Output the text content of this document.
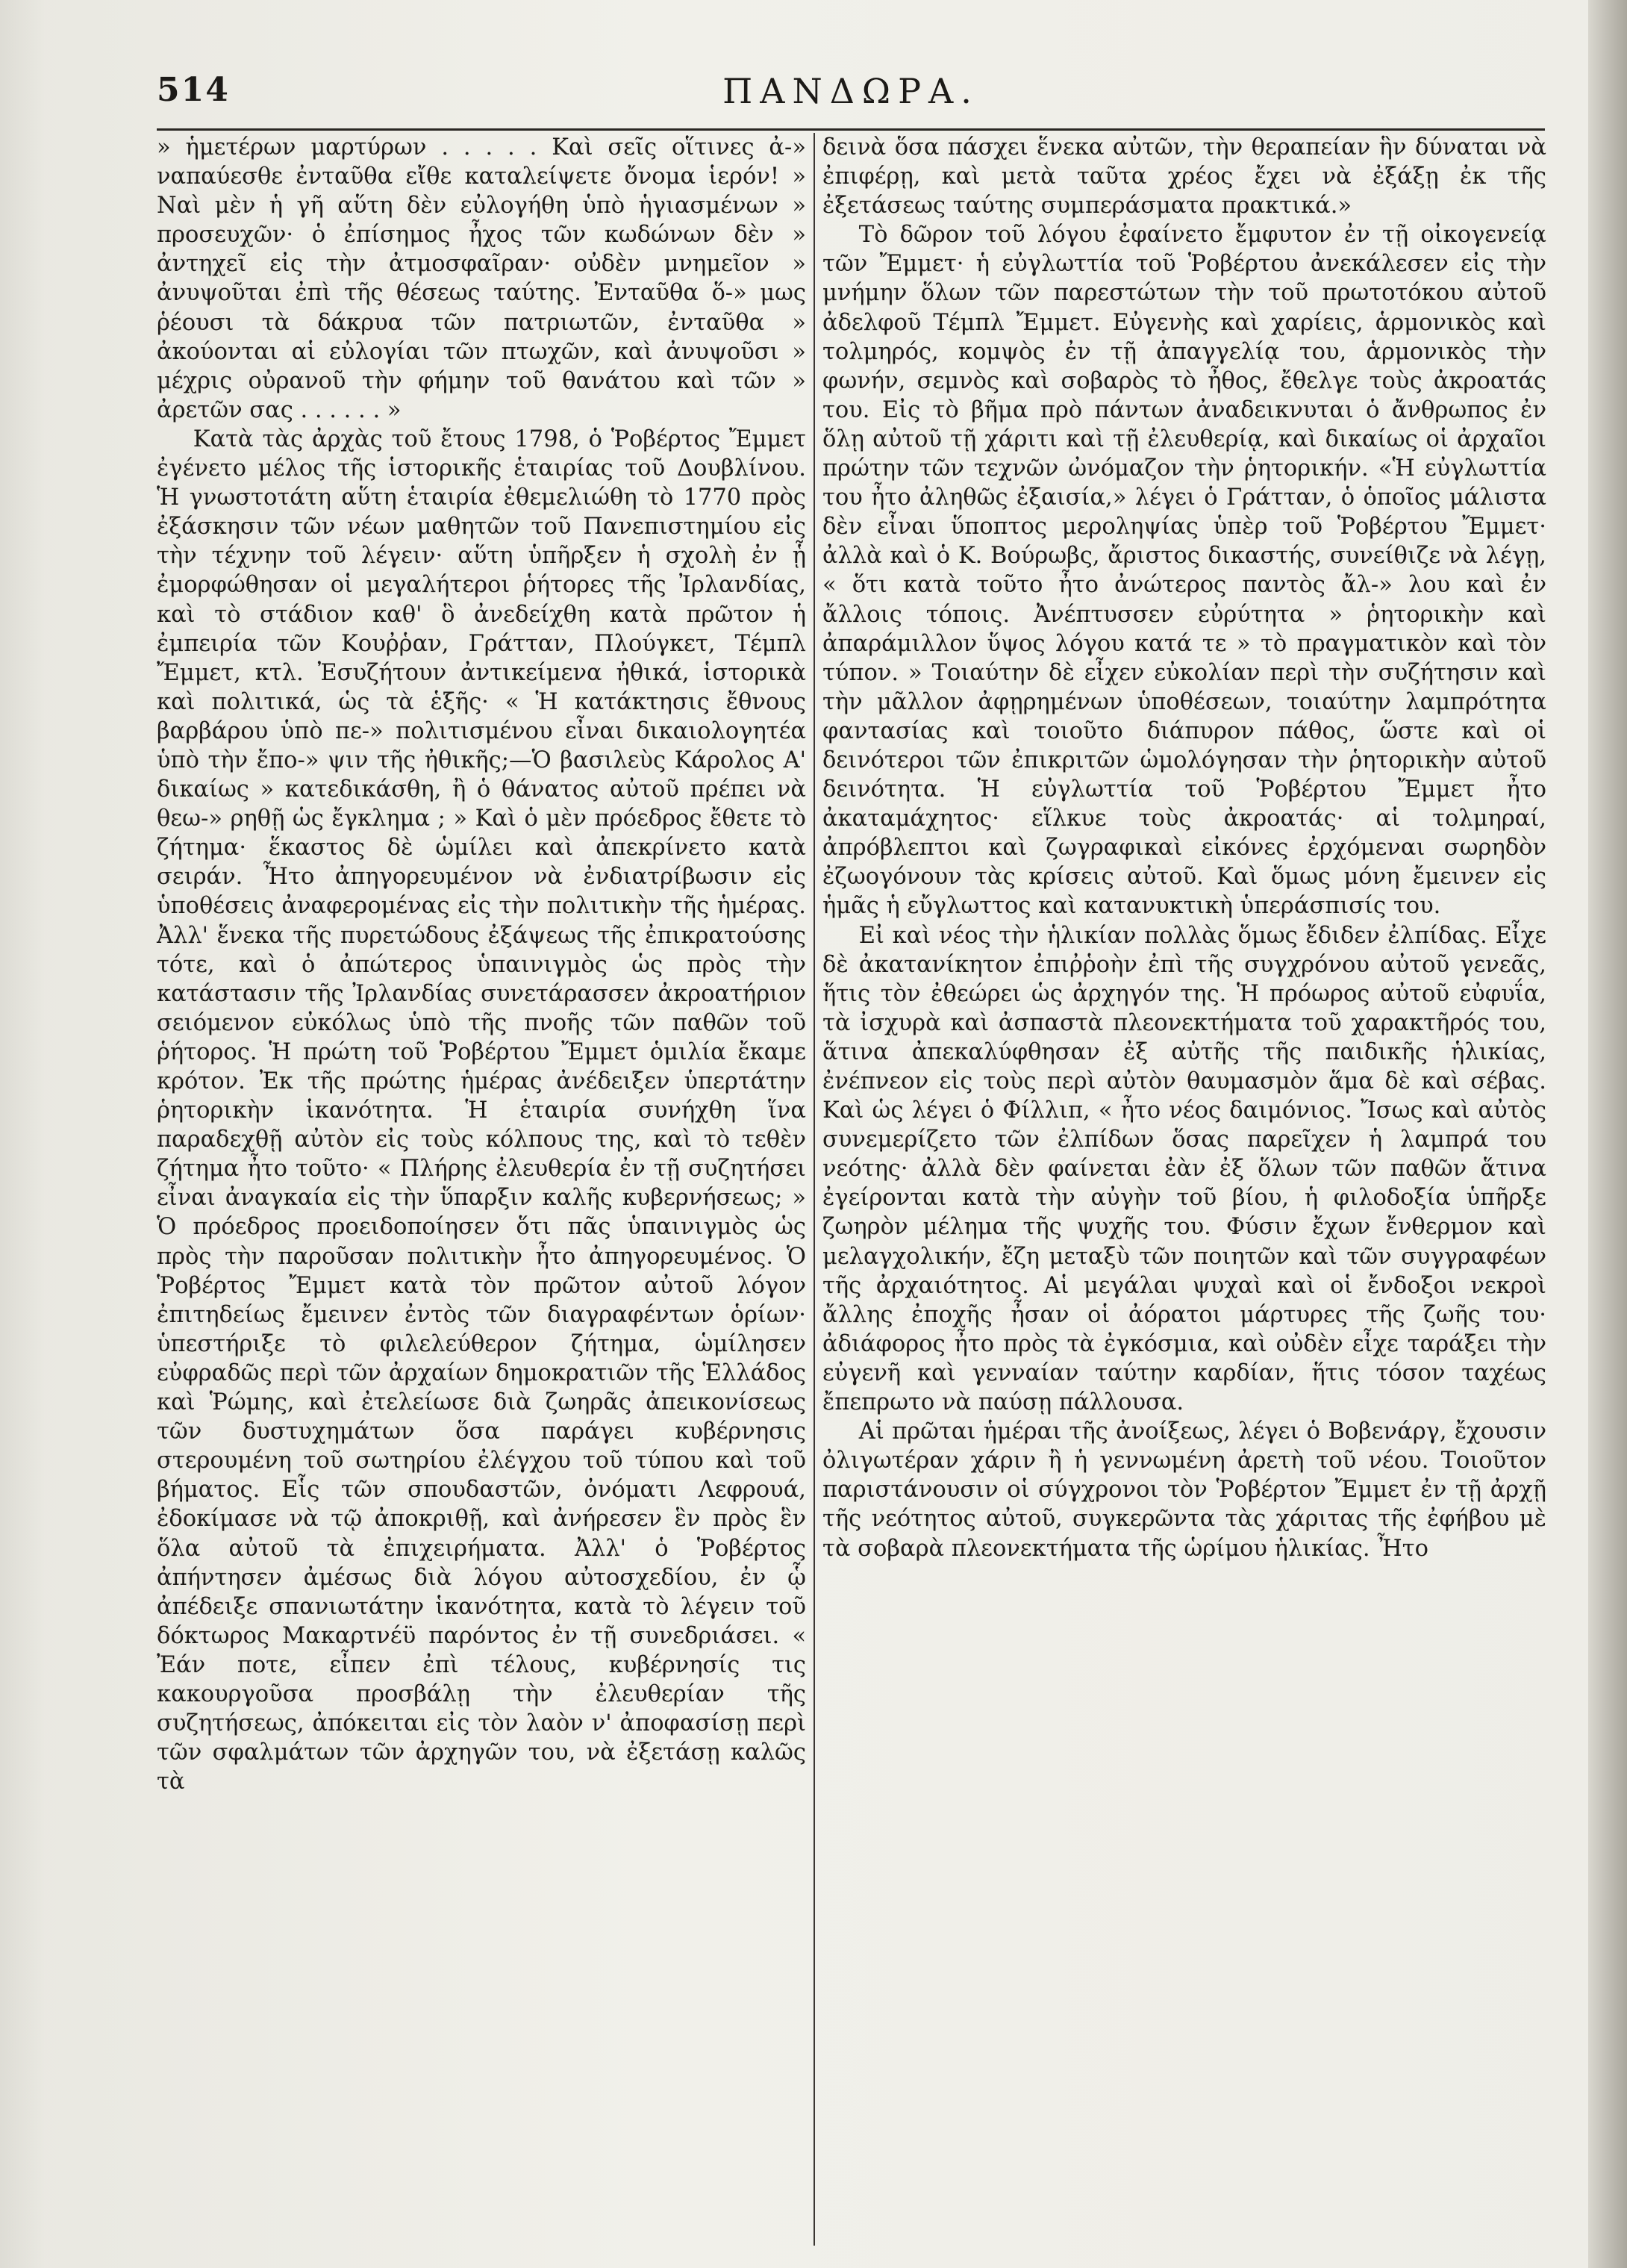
514	ΠΑΝΔΩΡΑ.

» ἡμετέρων μαρτύρων . . . . . Καὶ σεῖς οἵτινες ἀ-» ναπαύεσθε ἐνταῦθα εἴθε καταλείψετε ὄνομα ἱερόν! » Ναὶ μὲν ἡ γῆ αὕτη δὲν εὐλογήθη ὑπὸ ἡγιασμένων » προσευχῶν· ὁ ἐπίσημος ἦχος τῶν κωδώνων δὲν » ἀντηχεῖ εἰς τὴν ἀτμοσφαῖραν· οὐδὲν μνημεῖον » ἀνυψοῦται ἐπὶ τῆς θέσεως ταύτης. Ἐνταῦθα ὅ-» μως ῥέουσι τὰ δάκρυα τῶν πατριωτῶν, ἐνταῦθα » ἀκούονται αἱ εὐλογίαι τῶν πτωχῶν, καὶ ἀνυψοῦσι » μέχρις οὐρανοῦ τὴν φήμην τοῦ θανάτου καὶ τῶν » ἀρετῶν σας . . . . . . »

Κατὰ τὰς ἀρχὰς τοῦ ἔτους 1798, ὁ Ῥοβέρτος Ἔμμετ ἐγένετο μέλος τῆς ἱστορικῆς ἑταιρίας τοῦ Δουβλίνου. Ἡ γνωστοτάτη αὕτη ἑταιρία ἐθεμελιώθη τὸ 1770 πρὸς ἐξάσκησιν τῶν νέων μαθητῶν τοῦ Πανεπιστημίου εἰς τὴν τέχνην τοῦ λέγειν· αὕτη ὑπῆρξεν ἡ σχολὴ ἐν ᾗ ἐμορφώθησαν οἱ μεγαλήτεροι ῥήτορες τῆς Ἰρλανδίας, καὶ τὸ στάδιον καθ' ὃ ἀνεδείχθη κατὰ πρῶτον ἡ ἐμπειρία τῶν Κουῤῥαν, Γράτταν, Πλούγκετ, Τέμπλ Ἔμμετ, κτλ. Ἐσυζήτουν ἀντικείμενα ἠθικά, ἱστορικὰ καὶ πολιτικά, ὡς τὰ ἑξῆς· « Ἡ κατάκτησις ἔθνους βαρβάρου ὑπὸ πε-» πολιτισμένου εἶναι δικαιολογητέα ὑπὸ τὴν ἔπο-» ψιν τῆς ἠθικῆς;—Ὁ βασιλεὺς Κάρολος Α' δικαίως » κατεδικάσθη, ἢ ὁ θάνατος αὐτοῦ πρέπει νὰ θεω-» ρηθῇ ὡς ἔγκλημα ; » Καὶ ὁ μὲν πρόεδρος ἔθετε τὸ ζήτημα· ἕκαστος δὲ ὡμίλει καὶ ἀπεκρίνετο κατὰ σειράν. Ἦτο ἀπηγορευμένον νὰ ἐνδιατρίβωσιν εἰς ὑποθέσεις ἀναφερομένας εἰς τὴν πολιτικὴν τῆς ἡμέρας. Ἀλλ' ἕνεκα τῆς πυρετώδους ἐξάψεως τῆς ἐπικρατούσης τότε, καὶ ὁ ἀπώτερος ὑπαινιγμὸς ὡς πρὸς τὴν κατάστασιν τῆς Ἰρλανδίας συνετάρασσεν ἀκροατήριον σειόμενον εὐκόλως ὑπὸ τῆς πνοῆς τῶν παθῶν τοῦ ῥήτορος. Ἡ πρώτη τοῦ Ῥοβέρτου Ἔμμετ ὁμιλία ἔκαμε κρότον. Ἐκ τῆς πρώτης ἡμέρας ἀνέδειξεν ὑπερτάτην ῥητορικὴν ἱκανότητα. Ἡ ἑταιρία συνήχθη ἵνα παραδεχθῇ αὐτὸν εἰς τοὺς κόλπους της, καὶ τὸ τεθὲν ζήτημα ἦτο τοῦτο· « Πλήρης ἐλευθερία ἐν τῇ συζητήσει εἶναι ἀναγκαία εἰς τὴν ὕπαρξιν καλῆς κυβερνήσεως; » Ὁ πρόεδρος προειδοποίησεν ὅτι πᾶς ὑπαινιγμὸς ὡς πρὸς τὴν παροῦσαν πολιτικὴν ἦτο ἀπηγορευμένος. Ὁ Ῥοβέρτος Ἔμμετ κατὰ τὸν πρῶτον αὐτοῦ λόγον ἐπιτηδείως ἔμεινεν ἐντὸς τῶν διαγραφέντων ὁρίων· ὑπεστήριξε τὸ φιλελεύθερον ζήτημα, ὡμίλησεν εὐφραδῶς περὶ τῶν ἀρχαίων δημοκρατιῶν τῆς Ἑλλάδος καὶ Ῥώμης, καὶ ἐτελείωσε διὰ ζωηρᾶς ἀπεικονίσεως τῶν δυστυχημάτων ὅσα παράγει κυβέρνησις στερουμένη τοῦ σωτηρίου ἐλέγχου τοῦ τύπου καὶ τοῦ βήματος. Εἷς τῶν σπουδαστῶν, ὀνόματι Λεφρουά, ἐδοκίμασε νὰ τῷ ἀποκριθῇ, καὶ ἀνήρεσεν ἓν πρὸς ἓν ὅλα αὐτοῦ τὰ ἐπιχειρήματα. Ἀλλ' ὁ Ῥοβέρτος ἀπήντησεν ἀμέσως διὰ λόγου αὐτοσχεδίου, ἐν ᾧ ἀπέδειξε σπανιωτάτην ἱκανότητα, κατὰ τὸ λέγειν τοῦ δόκτωρος Μακαρτνέϋ παρόντος ἐν τῇ συνεδριάσει. « Ἐάν ποτε, εἶπεν ἐπὶ τέλους, κυβέρνησίς τις κακουργοῦσα προσβάλῃ τὴν ἐλευθερίαν τῆς συζητήσεως, ἀπόκειται εἰς τὸν λαὸν ν' ἀποφασίσῃ περὶ τῶν σφαλμάτων τῶν ἀρχηγῶν του, νὰ ἐξετάσῃ καλῶς τὰ

δεινὰ ὅσα πάσχει ἕνεκα αὐτῶν, τὴν θεραπείαν ἣν δύναται νὰ ἐπιφέρῃ, καὶ μετὰ ταῦτα χρέος ἔχει νὰ ἐξάξῃ ἐκ τῆς ἐξετάσεως ταύτης συμπεράσματα πρακτικά.»

Τὸ δῶρον τοῦ λόγου ἐφαίνετο ἔμφυτον ἐν τῇ οἰκογενείᾳ τῶν Ἔμμετ· ἡ εὐγλωττία τοῦ Ῥοβέρτου ἀνεκάλεσεν εἰς τὴν μνήμην ὅλων τῶν παρεστώτων τὴν τοῦ πρωτοτόκου αὐτοῦ ἀδελφοῦ Τέμπλ Ἔμμετ. Εὐγενὴς καὶ χαρίεις, ἁρμονικὸς καὶ τολμηρός, κομψὸς ἐν τῇ ἀπαγγελίᾳ του, ἁρμονικὸς τὴν φωνήν, σεμνὸς καὶ σοβαρὸς τὸ ἦθος, ἔθελγε τοὺς ἀκροατάς του. Εἰς τὸ βῆμα πρὸ πάντων ἀναδεικνυται ὁ ἄνθρωπος ἐν ὅλῃ αὐτοῦ τῇ χάριτι καὶ τῇ ἐλευθερίᾳ, καὶ δικαίως οἱ ἀρχαῖοι πρώτην τῶν τεχνῶν ὠνόμαζον τὴν ῥητορικήν. «Ἡ εὐγλωττία του ἦτο ἀληθῶς ἐξαισία,» λέγει ὁ Γράτταν, ὁ ὁποῖος μάλιστα δὲν εἶναι ὕποπτος μεροληψίας ὑπὲρ τοῦ Ῥοβέρτου Ἔμμετ· ἀλλὰ καὶ ὁ Κ. Βούρωβς, ἄριστος δικαστής, συνείθιζε νὰ λέγῃ, « ὅτι κατὰ τοῦτο ἦτο ἀνώτερος παντὸς ἄλ-» λου καὶ ἐν ἄλλοις τόποις. Ἀνέπτυσσεν εὐρύτητα » ῥητορικὴν καὶ ἀπαράμιλλον ὕψος λόγου κατά τε » τὸ πραγματικὸν καὶ τὸν τύπον. » Τοιαύτην δὲ εἶχεν εὐκολίαν περὶ τὴν συζήτησιν καὶ τὴν μᾶλλον ἀφῃρημένων ὑποθέσεων, τοιαύτην λαμπρότητα φαντασίας καὶ τοιοῦτο διάπυρον πάθος, ὥστε καὶ οἱ δεινότεροι τῶν ἐπικριτῶν ὡμολόγησαν τὴν ῥητορικὴν αὐτοῦ δεινότητα. Ἡ εὐγλωττία τοῦ Ῥοβέρτου Ἔμμετ ἦτο ἀκαταμάχητος· εἵλκυε τοὺς ἀκροατάς· αἱ τολμηραί, ἀπρόβλεπτοι καὶ ζωγραφικαὶ εἰκόνες ἐρχόμεναι σωρηδὸν ἐζωογόνουν τὰς κρίσεις αὐτοῦ. Καὶ ὅμως μόνη ἔμεινεν εἰς ἡμᾶς ἡ εὔγλωττος καὶ κατανυκτικὴ ὑπεράσπισίς του.

Εἰ καὶ νέος τὴν ἡλικίαν πολλὰς ὅμως ἔδιδεν ἐλπίδας. Εἶχε δὲ ἀκατανίκητον ἐπιῤῥοὴν ἐπὶ τῆς συγχρόνου αὐτοῦ γενεᾶς, ἥτις τὸν ἐθεώρει ὡς ἀρχηγόν της. Ἡ πρόωρος αὐτοῦ εὐφυΐα, τὰ ἰσχυρὰ καὶ ἀσπαστὰ πλεονεκτήματα τοῦ χαρακτῆρός του, ἅτινα ἀπεκαλύφθησαν ἐξ αὐτῆς τῆς παιδικῆς ἡλικίας, ἐνέπνεον εἰς τοὺς περὶ αὐτὸν θαυμασμὸν ἅμα δὲ καὶ σέβας. Καὶ ὡς λέγει ὁ Φίλλιπ, « ἦτο νέος δαιμόνιος. Ἴσως καὶ αὐτὸς συνεμερίζετο τῶν ἐλπίδων ὅσας παρεῖχεν ἡ λαμπρά του νεότης· ἀλλὰ δὲν φαίνεται ἐὰν ἐξ ὅλων τῶν παθῶν ἅτινα ἐγείρονται κατὰ τὴν αὐγὴν τοῦ βίου, ἡ φιλοδοξία ὑπῆρξε ζωηρὸν μέλημα τῆς ψυχῆς του. Φύσιν ἔχων ἔνθερμον καὶ μελαγχολικήν, ἔζη μεταξὺ τῶν ποιητῶν καὶ τῶν συγγραφέων τῆς ἀρχαιότητος. Αἱ μεγάλαι ψυχαὶ καὶ οἱ ἔνδοξοι νεκροὶ ἄλλης ἐποχῆς ἦσαν οἱ ἀόρατοι μάρτυρες τῆς ζωῆς του· ἀδιάφορος ἦτο πρὸς τὰ ἐγκόσμια, καὶ οὐδὲν εἶχε ταράξει τὴν εὐγενῆ καὶ γενναίαν ταύτην καρδίαν, ἥτις τόσον ταχέως ἔπεπρωτο νὰ παύσῃ πάλλουσα.

Αἱ πρῶται ἡμέραι τῆς ἀνοίξεως, λέγει ὁ Βοβενάργ, ἔχουσιν ὀλιγωτέραν χάριν ἢ ἡ γεννωμένη ἀρετὴ τοῦ νέου. Τοιοῦτον παριστάνουσιν οἱ σύγχρονοι τὸν Ῥοβέρτον Ἔμμετ ἐν τῇ ἀρχῇ τῆς νεότητος αὐτοῦ, συγκερῶντα τὰς χάριτας τῆς ἐφήβου μὲ τὰ σοβαρὰ πλεονεκτήματα τῆς ὡρίμου ἡλικίας. Ἦτο
